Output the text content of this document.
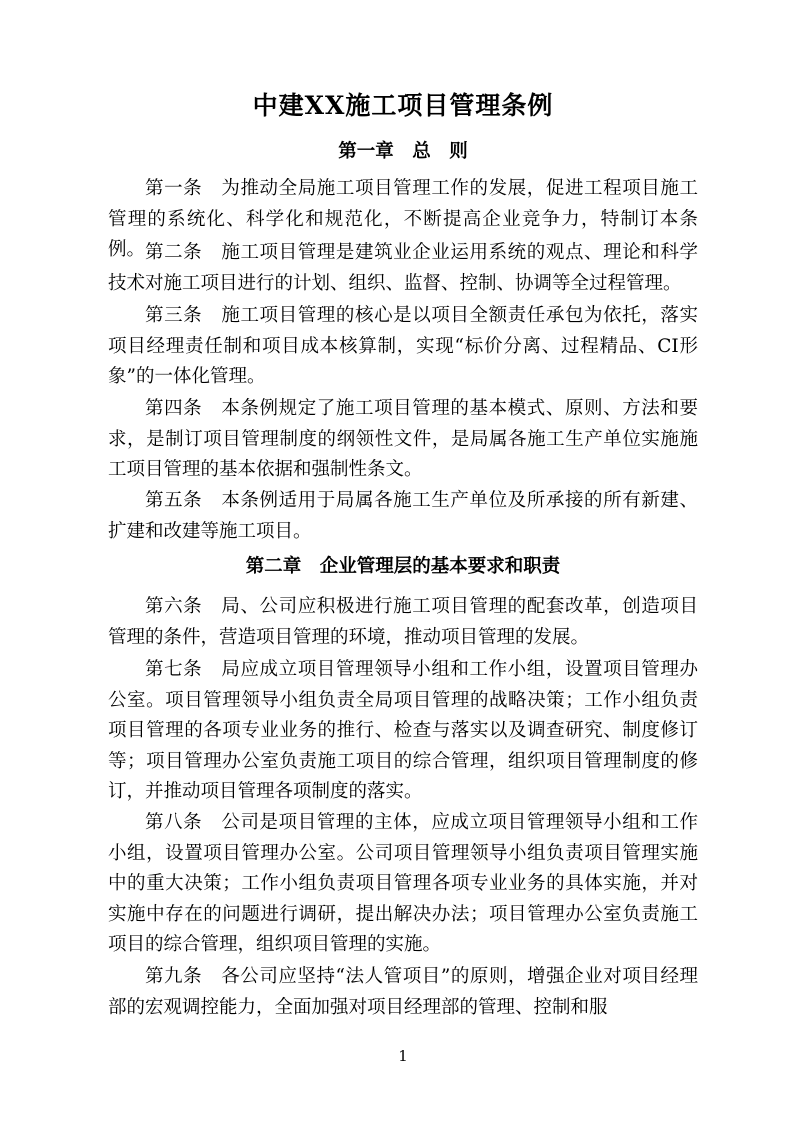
中建XX施工项目管理条例
第一章　总　则

第一条　为推动全局施工项目管理工作的发展，促进工程项目施工管理的系统化、科学化和规范化，不断提高企业竞争力，特制订本条例。 第二条　施工项目管理是建筑业企业运用系统的观点、理论和科学技术对施工项目进行的计划、组织、监督、控制、协调等全过程管理。

第三条　施工项目管理的核心是以项目全额责任承包为依托，落实项目经理责任制和项目成本核算制，实现“标价分离、过程精品、CI形象”的一体化管理。

第四条　本条例规定了施工项目管理的基本模式、原则、方法和要求，是制订项目管理制度的纲领性文件，是局属各施工生产单位实施施工项目管理的基本依据和强制性条文。

第五条　本条例适用于局属各施工生产单位及所承接的所有新建、扩建和改建等施工项目。

第二章　企业管理层的基本要求和职责

第六条　局、公司应积极进行施工项目管理的配套改革，创造项目管理的条件，营造项目管理的环境，推动项目管理的发展。

第七条　局应成立项目管理领导小组和工作小组，设置项目管理办公室。项目管理领导小组负责全局项目管理的战略决策；工作小组负责项目管理的各项专业业务的推行、检查与落实以及调查研究、制度修订等；项目管理办公室负责施工项目的综合管理，组织项目管理制度的修订，并推动项目管理各项制度的落实。

第八条　公司是项目管理的主体，应成立项目管理领导小组和工作小组，设置项目管理办公室。公司项目管理领导小组负责项目管理实施中的重大决策；工作小组负责项目管理各项专业业务的具体实施，并对实施中存在的问题进行调研，提出解决办法；项目管理办公室负责施工项目的综合管理，组织项目管理的实施。

第九条　各公司应坚持“法人管项目”的原则，增强企业对项目经理部的宏观调控能力，全面加强对项目经理部的管理、控制和服

1
